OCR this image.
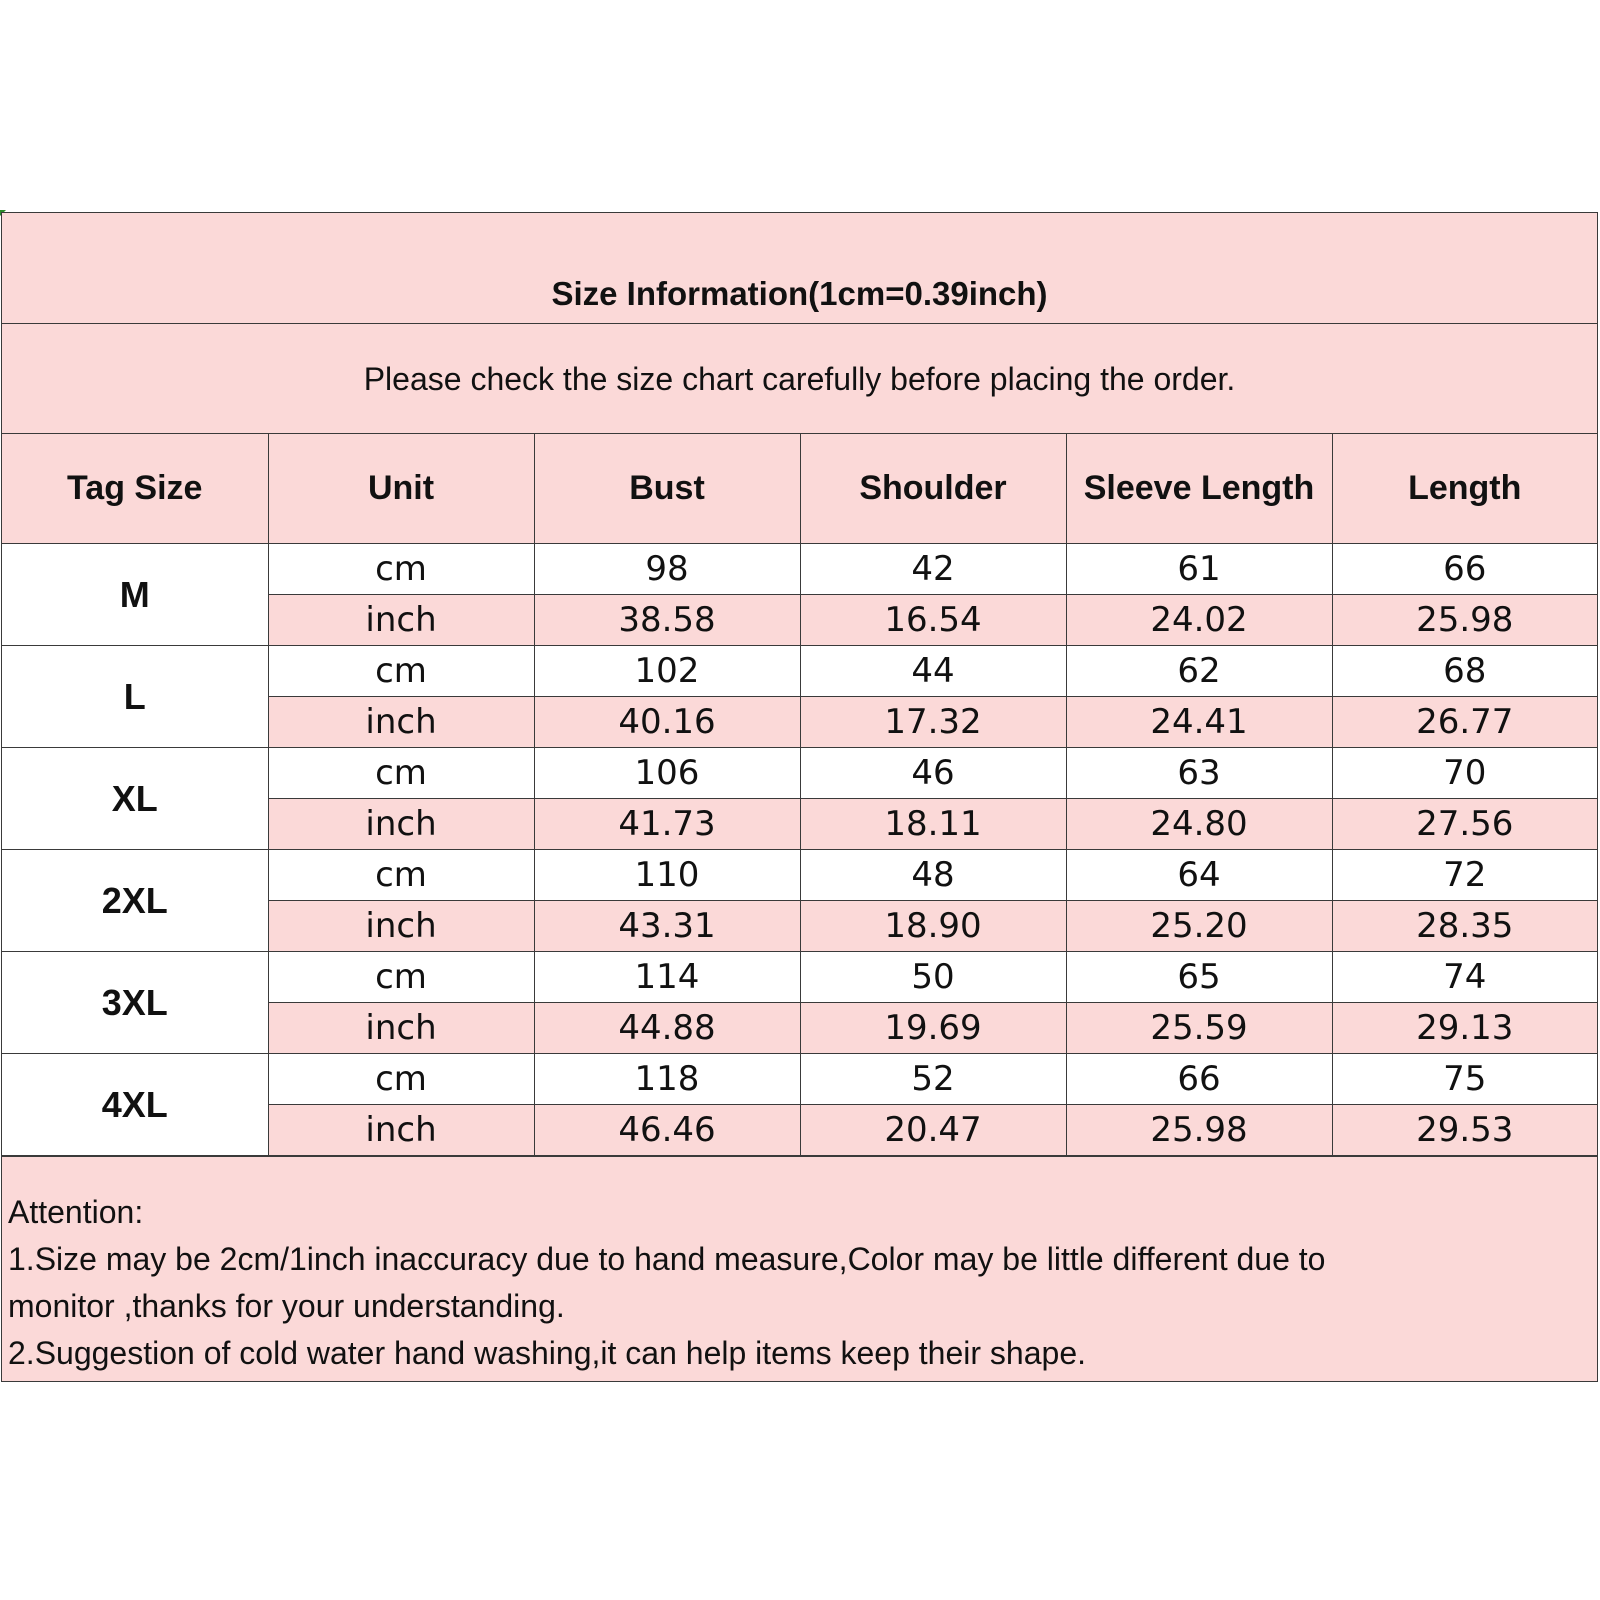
Size Information(1cm=0.39inch)
Please check the size chart carefully before placing the order.
Tag Size	Unit	Bust	Shoulder	Sleeve Length	Length
M	cm	98	42	61	66
	inch	38.58	16.54	24.02	25.98
L	cm	102	44	62	68
	inch	40.16	17.32	24.41	26.77
XL	cm	106	46	63	70
	inch	41.73	18.11	24.80	27.56
2XL	cm	110	48	64	72
	inch	43.31	18.90	25.20	28.35
3XL	cm	114	50	65	74
	inch	44.88	19.69	25.59	29.13
4XL	cm	118	52	66	75
	inch	46.46	20.47	25.98	29.53
Attention:
1.Size may be 2cm/1inch inaccuracy due to hand measure,Color may be little different due to
monitor ,thanks for your understanding.
2.Suggestion of cold water hand washing,it can help items keep their shape.
